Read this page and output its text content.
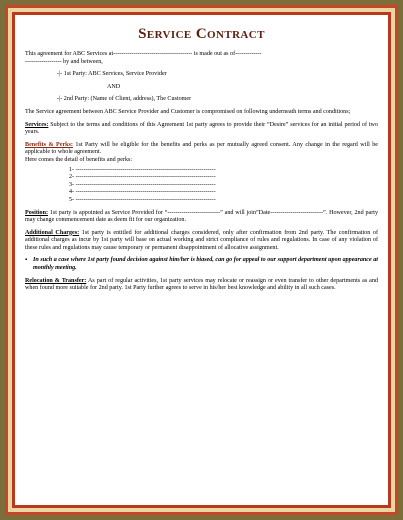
Service Contract

This agreement for ABC Services at--------------------------------------- is made out as of-------------

------------------ by and between,

-|- 1st Party: ABC Services, Service Provider

AND

-|- 2nd Party: (Name of Client, address), The Customer

The Service agreement between ABC Service Provider and Customer is compromised on following underneath terms and conditions;

Services: Subject to the terms and conditions of this Agreement 1st party agrees to provide their “Desire” services for an initial period of two years.

Benefits & Perks: 1st Party will be eligible for the benefits and perks as per mutually agreed consent. Any change in the regard will be applicable to whole agreement.

Here comes the detail of benefits and perks:

1- ---------------------------------------------------------------------
2- ---------------------------------------------------------------------
3- ---------------------------------------------------------------------
4- ---------------------------------------------------------------------
5- ---------------------------------------------------------------------

Position: 1st party is appointed as Service Provided for “--------------------------” and will join”Date--------------------------”. However, 2nd party may change commencement date as deem fit for our organization.

Additional Charges: 1st party is entitled for additional charges considered, only after confirmation from 2nd party. The confirmation of additional charges as incur by 1st party will base on actual working and strict compliance of rules and regulations. In case of any violation of these rules and regulations may cause temporary or permanent disappointment of allocative assignment.

▪ In such a case where 1st party found decision against him/her is biased, can go for appeal to our support department upon appearance at monthly meeting.

Relocation & Transfer: As part of regular activities, 1st party services may relocate or reassign or even transfer to other departments as and when found more suitable for 2nd party. 1st Party further agrees to serve in his/her best knowledge and ability in all such cases.
